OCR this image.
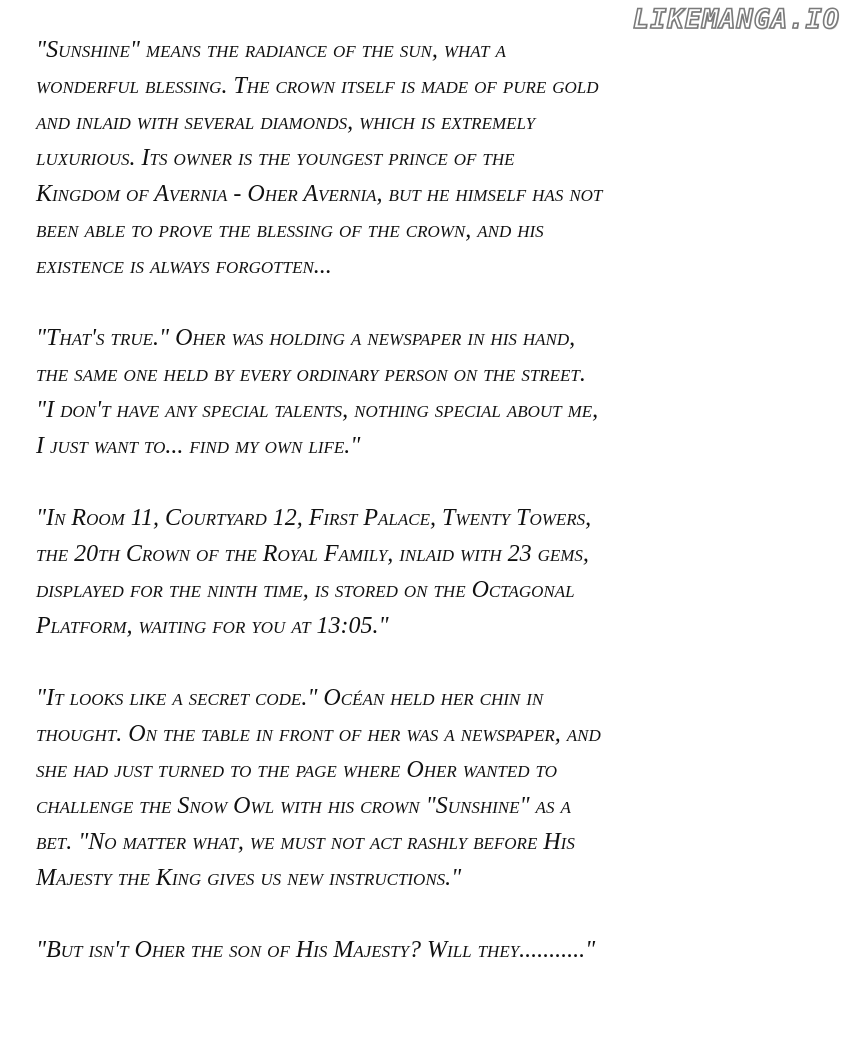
LIKEMANGA.IO

"Sunshine" means the radiance of the sun, what a
wonderful blessing. The crown itself is made of pure gold
and inlaid with several diamonds, which is extremely
luxurious. Its owner is the youngest prince of the
Kingdom of Avernia - Oher Avernia, but he himself has not
been able to prove the blessing of the crown, and his
existence is always forgotten...

"That's true." Oher was holding a newspaper in his hand,
the same one held by every ordinary person on the street.
"I don't have any special talents, nothing special about me,
I just want to... find my own life."

"In Room 11, Courtyard 12, First Palace, Twenty Towers,
the 20th Crown of the Royal Family, inlaid with 23 gems,
displayed for the ninth time, is stored on the Octagonal
Platform, waiting for you at 13:05."

"It looks like a secret code." Océan held her chin in
thought. On the table in front of her was a newspaper, and
she had just turned to the page where Oher wanted to
challenge the Snow Owl with his crown "Sunshine" as a
bet. "No matter what, we must not act rashly before His
Majesty the King gives us new instructions."

"But isn't Oher the son of His Majesty? Will they..........."
